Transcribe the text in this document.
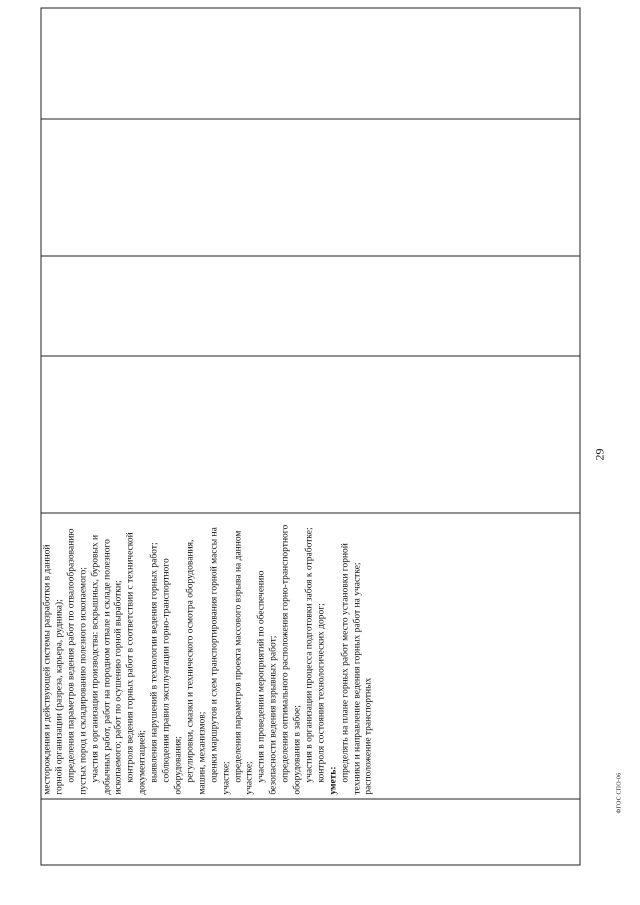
29

месторождения и действующей системы разработки в данной горной организации (разреза, карьера, рудника); определения параметров ведения работ по отвалообразованию пустых пород и складированию полезного ископаемого; участия в организации производства: вскрышных, буровых и добычных работ, работ на породном отвале и складе полезного ископаемого; работ по осушению горной выработки; контроля ведения горных работ в соответствии с технической документацией; выявления нарушений в технологии ведения горных работ; соблюдения правил эксплуатации горно-транспортного оборудования; регулировки, смазки и технического осмотра оборудования, машин, механизмов; оценки маршрутов и схем транспортирования горной массы на участке; определения параметров проекта массового взрыва на данном участке; участия в проведении мероприятий по обеспечению безопасности ведения взрывных работ; определения оптимального расположения горно-транспортного оборудования в забое; участия в организации процесса подготовки забоя к отработке; контроля состояния технологических дорог; уметь: определять на плане горных работ место установки горной техники и направление ведения горных работ на участке; расположение транспортных	ФГОС СПО-06
